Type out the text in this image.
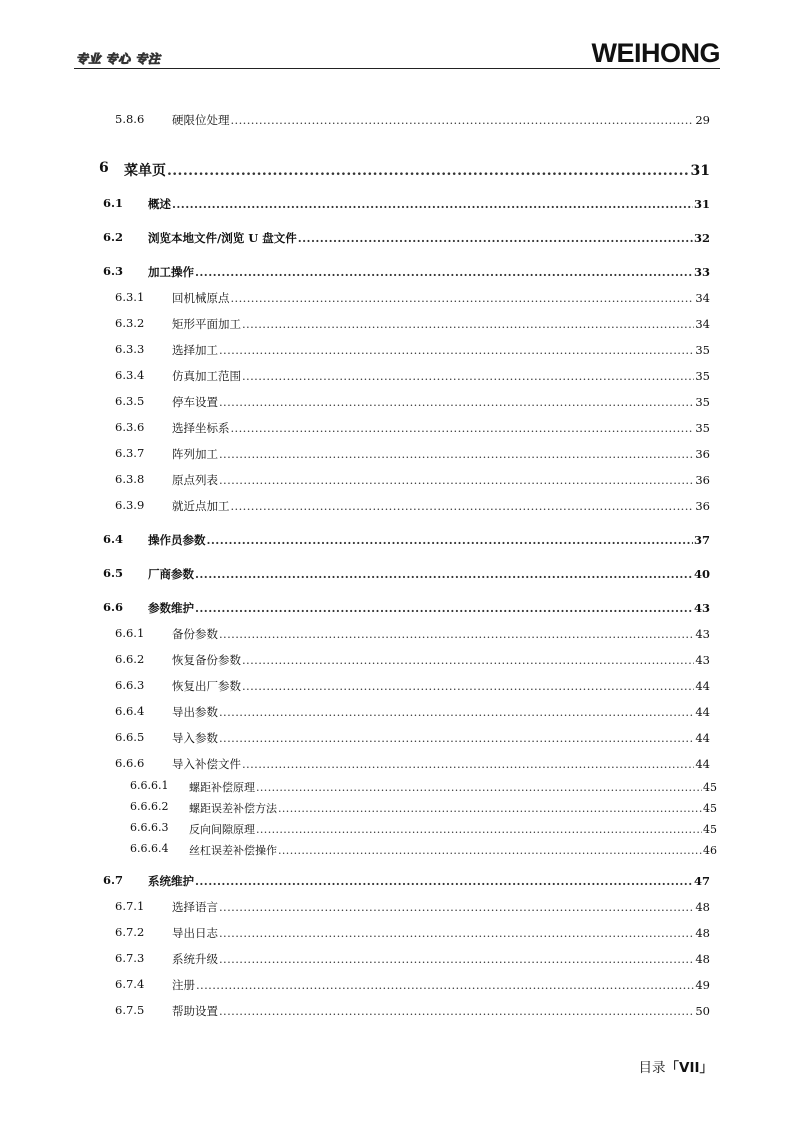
专业 专心 专注	WEIHONG
5.8.6 硬限位处理 .....	29
6 菜单页 .....	31
6.1 概述 .....	31
6.2 浏览本地文件/浏览 U 盘文件 .....	32
6.3 加工操作 .....	33
6.3.1 回机械原点 .....	34
6.3.2 矩形平面加工 .....	34
6.3.3 选择加工 .....	35
6.3.4 仿真加工范围 .....	35
6.3.5 停车设置 .....	35
6.3.6 选择坐标系 .....	35
6.3.7 阵列加工 .....	36
6.3.8 原点列表 .....	36
6.3.9 就近点加工 .....	36
6.4 操作员参数 .....	37
6.5 厂商参数 .....	40
6.6 参数维护 .....	43
6.6.1 备份参数 .....	43
6.6.2 恢复备份参数 .....	43
6.6.3 恢复出厂参数 .....	44
6.6.4 导出参数 .....	44
6.6.5 导入参数 .....	44
6.6.6 导入补偿文件 .....	44
6.6.6.1 螺距补偿原理 .....	45
6.6.6.2 螺距误差补偿方法 .....	45
6.6.6.3 反向间隙原理 .....	45
6.6.6.4 丝杠误差补偿操作 .....	46
6.7 系统维护 .....	47
6.7.1 选择语言 .....	48
6.7.2 导出日志 .....	48
6.7.3 系统升级 .....	48
6.7.4 注册 .....	49
6.7.5 帮助设置 .....	50
目录「VII」
